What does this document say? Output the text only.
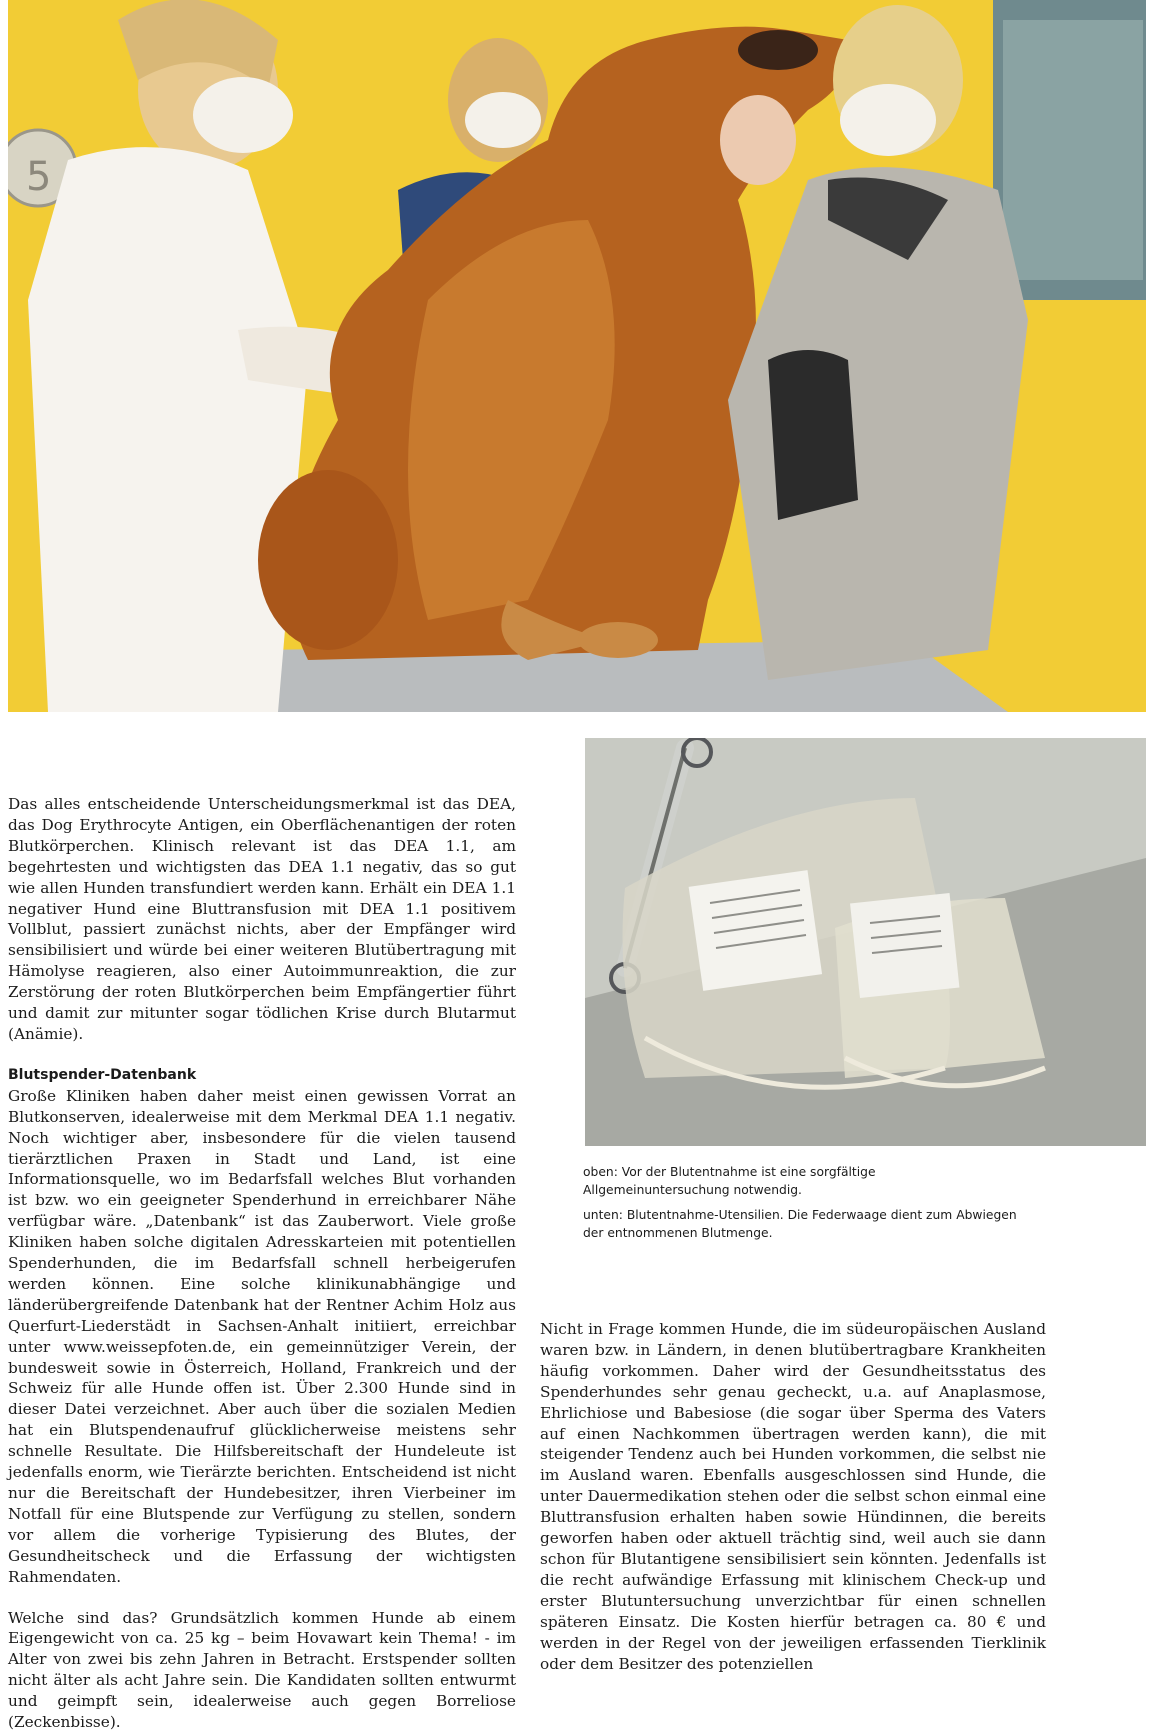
5

Das alles entscheidende Unterscheidungsmerkmal ist das DEA, das Dog Erythrocyte Antigen, ein Oberflächenantigen der roten Blutkörperchen. Klinisch relevant ist das DEA 1.1, am begehrtesten und wichtigsten das DEA 1.1 negativ, das so gut wie allen Hunden transfundiert werden kann. Erhält ein DEA 1.1 negativer Hund eine Bluttransfusion mit DEA 1.1 positivem Vollblut, passiert zunächst nichts, aber der Empfänger wird sensibilisiert und würde bei einer weiteren Blutübertragung mit Hämolyse reagieren, also einer Autoimmunreaktion, die zur Zerstörung der roten Blutkörperchen beim Empfängertier führt und damit zur mitunter sogar tödlichen Krise durch Blutarmut (Anämie).

Blutspender-Datenbank

Große Kliniken haben daher meist einen gewissen Vorrat an Blutkonserven, idealerweise mit dem Merkmal DEA 1.1 negativ. Noch wichtiger aber, insbesondere für die vielen tausend tierärztlichen Praxen in Stadt und Land, ist eine Informationsquelle, wo im Bedarfsfall welches Blut vorhanden ist bzw. wo ein geeigneter Spenderhund in erreichbarer Nähe verfügbar wäre. „Datenbank“ ist das Zauberwort. Viele große Kliniken haben solche digitalen Adresskarteien mit potentiellen Spenderhunden, die im Bedarfsfall schnell herbeigerufen werden können. Eine solche klinikunabhängige und länderübergreifende Datenbank hat der Rentner Achim Holz aus Querfurt-Liederstädt in Sachsen-Anhalt initiiert, erreichbar unter www.weissepfoten.de, ein gemeinnütziger Verein, der bundesweit sowie in Österreich, Holland, Frankreich und der Schweiz für alle Hunde offen ist. Über 2.300 Hunde sind in dieser Datei verzeichnet. Aber auch über die sozialen Medien hat ein Blutspendenaufruf glücklicherweise meistens sehr schnelle Resultate. Die Hilfsbereitschaft der Hundeleute ist jedenfalls enorm, wie Tierärzte berichten. Entscheidend ist nicht nur die Bereitschaft der Hundebesitzer, ihren Vierbeiner im Notfall für eine Blutspende zur Verfügung zu stellen, sondern vor allem die vorherige Typisierung des Blutes, der Gesundheitscheck und die Erfassung der wichtigsten Rahmendaten.

Welche sind das? Grundsätzlich kommen Hunde ab einem Eigengewicht von ca. 25 kg – beim Hovawart kein Thema! - im Alter von zwei bis zehn Jahren in Betracht. Erstspender sollten nicht älter als acht Jahre sein. Die Kandidaten sollten entwurmt und geimpft sein, idealerweise auch gegen Borreliose (Zeckenbisse).

oben: Vor der Blutentnahme ist eine sorgfältige Allgemeinuntersuchung notwendig.

unten: Blutentnahme-Utensilien. Die Federwaage dient zum Abwiegen der entnommenen Blutmenge.

Nicht in Frage kommen Hunde, die im südeuropäischen Ausland waren bzw. in Ländern, in denen blutübertragbare Krankheiten häufig vorkommen. Daher wird der Gesundheitsstatus des Spenderhundes sehr genau gecheckt, u.a. auf Anaplasmose, Ehrlichiose und Babesiose (die sogar über Sperma des Vaters auf einen Nachkommen übertragen werden kann), die mit steigender Tendenz auch bei Hunden vorkommen, die selbst nie im Ausland waren. Ebenfalls ausgeschlossen sind Hunde, die unter Dauermedikation stehen oder die selbst schon einmal eine Bluttransfusion erhalten haben sowie Hündinnen, die bereits geworfen haben oder aktuell trächtig sind, weil auch sie dann schon für Blutantigene sensibilisiert sein könnten. Jedenfalls ist die recht aufwändige Erfassung mit klinischem Check-up und erster Blutuntersuchung unverzichtbar für einen schnellen späteren Einsatz. Die Kosten hierfür betragen ca. 80 € und werden in der Regel von der jeweiligen erfassenden Tierklinik oder dem Besitzer des potenziellen
